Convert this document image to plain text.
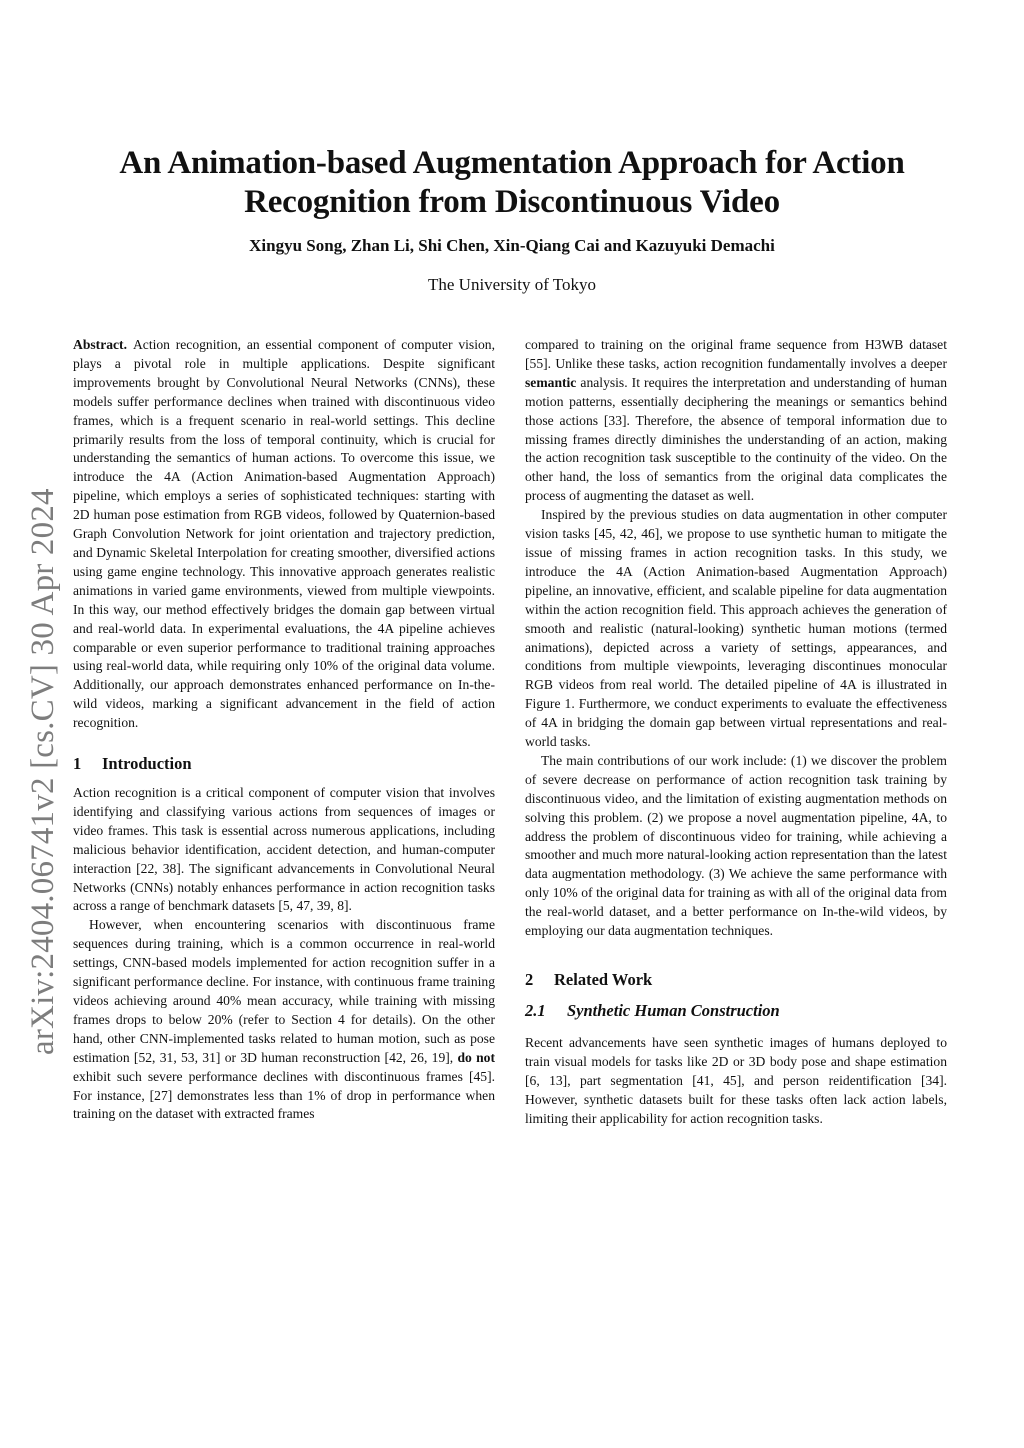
arXiv:2404.06741v2 [cs.CV] 30 Apr 2024
An Animation-based Augmentation Approach for Action Recognition from Discontinuous Video
Xingyu Song, Zhan Li, Shi Chen, Xin-Qiang Cai and Kazuyuki Demachi
The University of Tokyo

Abstract. Action recognition, an essential component of computer vision, plays a pivotal role in multiple applications. Despite significant improvements brought by Convolutional Neural Networks (CNNs), these models suffer performance declines when trained with discontinuous video frames, which is a frequent scenario in real-world settings. This decline primarily results from the loss of temporal continuity, which is crucial for understanding the semantics of human actions. To overcome this issue, we introduce the 4A (Action Animation-based Augmentation Approach) pipeline, which employs a series of sophisticated techniques: starting with 2D human pose estimation from RGB videos, followed by Quaternion-based Graph Convolution Network for joint orientation and trajectory prediction, and Dynamic Skeletal Interpolation for creating smoother, diversified actions using game engine technology. This innovative approach generates realistic animations in varied game environments, viewed from multiple viewpoints. In this way, our method effectively bridges the domain gap between virtual and real-world data. In experimental evaluations, the 4A pipeline achieves comparable or even superior performance to traditional training approaches using real-world data, while requiring only 10% of the original data volume. Additionally, our approach demonstrates enhanced performance on In-the-wild videos, marking a significant advancement in the field of action recognition.

1 Introduction

Action recognition is a critical component of computer vision that involves identifying and classifying various actions from sequences of images or video frames. This task is essential across numerous applications, including malicious behavior identification, accident detection, and human-computer interaction [22, 38]. The significant advancements in Convolutional Neural Networks (CNNs) notably enhances performance in action recognition tasks across a range of benchmark datasets [5, 47, 39, 8].

However, when encountering scenarios with discontinuous frame sequences during training, which is a common occurrence in real-world settings, CNN-based models implemented for action recognition suffer in a significant performance decline. For instance, with continuous frame training videos achieving around 40% mean accuracy, while training with missing frames drops to below 20% (refer to Section 4 for details). On the other hand, other CNN-implemented tasks related to human motion, such as pose estimation [52, 31, 53, 31] or 3D human reconstruction [42, 26, 19], do not exhibit such severe performance declines with discontinuous frames [45]. For instance, [27] demonstrates less than 1% of drop in performance when training on the dataset with extracted frames

compared to training on the original frame sequence from H3WB dataset [55]. Unlike these tasks, action recognition fundamentally involves a deeper semantic analysis. It requires the interpretation and understanding of human motion patterns, essentially deciphering the meanings or semantics behind those actions [33]. Therefore, the absence of temporal information due to missing frames directly diminishes the understanding of an action, making the action recognition task susceptible to the continuity of the video. On the other hand, the loss of semantics from the original data complicates the process of augmenting the dataset as well.

Inspired by the previous studies on data augmentation in other computer vision tasks [45, 42, 46], we propose to use synthetic human to mitigate the issue of missing frames in action recognition tasks. In this study, we introduce the 4A (Action Animation-based Augmentation Approach) pipeline, an innovative, efficient, and scalable pipeline for data augmentation within the action recognition field. This approach achieves the generation of smooth and realistic (natural-looking) synthetic human motions (termed animations), depicted across a variety of settings, appearances, and conditions from multiple viewpoints, leveraging discontinues monocular RGB videos from real world. The detailed pipeline of 4A is illustrated in Figure 1. Furthermore, we conduct experiments to evaluate the effectiveness of 4A in bridging the domain gap between virtual representations and real-world tasks.

The main contributions of our work include: (1) we discover the problem of severe decrease on performance of action recognition task training by discontinuous video, and the limitation of existing augmentation methods on solving this problem. (2) we propose a novel augmentation pipeline, 4A, to address the problem of discontinuous video for training, while achieving a smoother and much more natural-looking action representation than the latest data augmentation methodology. (3) We achieve the same performance with only 10% of the original data for training as with all of the original data from the real-world dataset, and a better performance on In-the-wild videos, by employing our data augmentation techniques.

2 Related Work
2.1 Synthetic Human Construction

Recent advancements have seen synthetic images of humans deployed to train visual models for tasks like 2D or 3D body pose and shape estimation [6, 13], part segmentation [41, 45], and person reidentification [34]. However, synthetic datasets built for these tasks often lack action labels, limiting their applicability for action recognition tasks.
